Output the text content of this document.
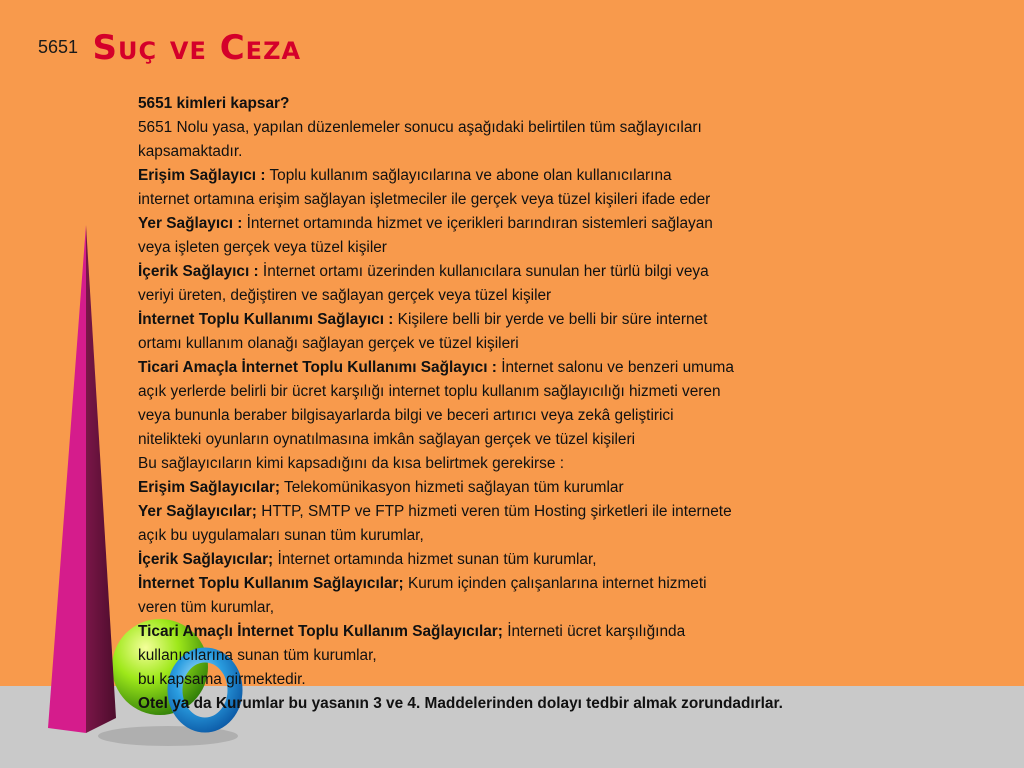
5651 Suç ve Ceza
5651 kimleri kapsar?
5651 Nolu yasa, yapılan düzenlemeler sonucu aşağıdaki belirtilen tüm sağlayıcıları
kapsamaktadır.
Erişim Sağlayıcı : Toplu kullanım sağlayıcılarına ve abone olan kullanıcılarına
internet ortamına erişim sağlayan işletmeciler ile gerçek veya tüzel kişileri ifade eder
Yer Sağlayıcı : İnternet ortamında hizmet ve içerikleri barındıran sistemleri sağlayan
veya işleten gerçek veya tüzel kişiler
İçerik Sağlayıcı : İnternet ortamı üzerinden kullanıcılara sunulan her türlü bilgi veya
veriyi üreten, değiştiren ve sağlayan gerçek veya tüzel kişiler
İnternet Toplu Kullanımı Sağlayıcı : Kişilere belli bir yerde ve belli bir süre internet
ortamı kullanım olanağı sağlayan gerçek ve tüzel kişileri
Ticari Amaçla İnternet Toplu Kullanımı Sağlayıcı : İnternet salonu ve benzeri umuma
açık yerlerde belirli bir ücret karşılığı internet toplu kullanım sağlayıcılığı hizmeti veren
veya bununla beraber bilgisayarlarda bilgi ve beceri artırıcı veya zekâ geliştirici
nitelikteki oyunların oynatılmasına imkân sağlayan gerçek ve tüzel kişileri
Bu sağlayıcıların kimi kapsadığını da kısa belirtmek gerekirse :
Erişim Sağlayıcılar; Telekomünikasyon hizmeti sağlayan tüm kurumlar
Yer Sağlayıcılar; HTTP, SMTP ve FTP hizmeti veren tüm Hosting şirketleri ile internete
açık bu uygulamaları sunan tüm kurumlar,
İçerik Sağlayıcılar; İnternet ortamında hizmet sunan tüm kurumlar,
İnternet Toplu Kullanım Sağlayıcılar; Kurum içinden çalışanlarına internet hizmeti
veren tüm kurumlar,
Ticari Amaçlı İnternet Toplu Kullanım Sağlayıcılar; İnterneti ücret karşılığında
kullanıcılarına sunan tüm kurumlar,
bu kapsama girmektedir.
Otel ya da Kurumlar bu yasanın 3 ve 4. Maddelerinden dolayı tedbir almak zorundadırlar.
